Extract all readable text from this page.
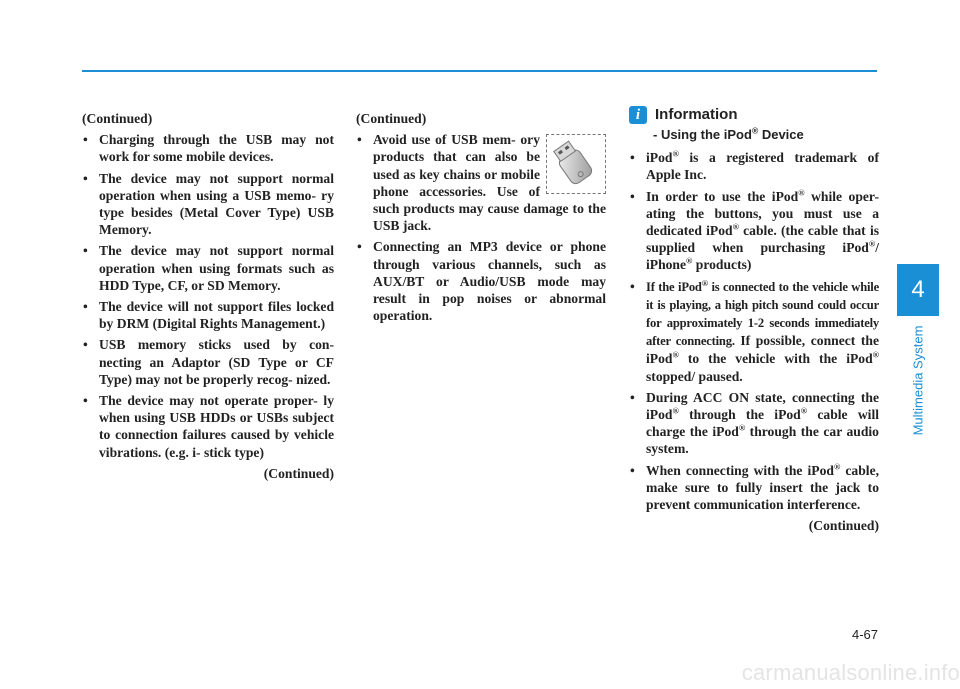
(Continued)
• Charging through the USB may not work for some mobile devices.
• The device may not support normal operation when using a USB memo- ry type besides (Metal Cover Type) USB Memory.
• The device may not support normal operation when using formats such as HDD Type, CF, or SD Memory.
• The device will not support files locked by DRM (Digital Rights Management.)
• USB memory sticks used by con- necting an Adaptor (SD Type or CF Type) may not be properly recog- nized.
• The device may not operate proper- ly when using USB HDDs or USBs subject to connection failures caused by vehicle vibrations. (e.g. i- stick type)
(Continued)
(Continued)
• Avoid use of USB mem- ory products that can also be used as key chains or mobile phone accessories. Use of such products may cause damage to the USB jack.
• Connecting an MP3 device or phone through various channels, such as AUX/BT or Audio/USB mode may result in pop noises or abnormal operation.
i Information
- Using the iPod® Device
• iPod® is a registered trademark of Apple Inc.
• In order to use the iPod® while oper- ating the buttons, you must use a dedicated iPod® cable. (the cable that is supplied when purchasing iPod®/ iPhone® products)
• If the iPod® is connected to the vehicle while it is playing, a high pitch sound could occur for approximately 1-2 seconds immediately after connecting. If possible, connect the iPod® to the vehicle with the iPod® stopped/ paused.
• During ACC ON state, connecting the iPod® through the iPod® cable will charge the iPod® through the car audio system.
• When connecting with the iPod® cable, make sure to fully insert the jack to prevent communication interference.
(Continued)
4
Multimedia System
4-67
carmanualsonline.info
